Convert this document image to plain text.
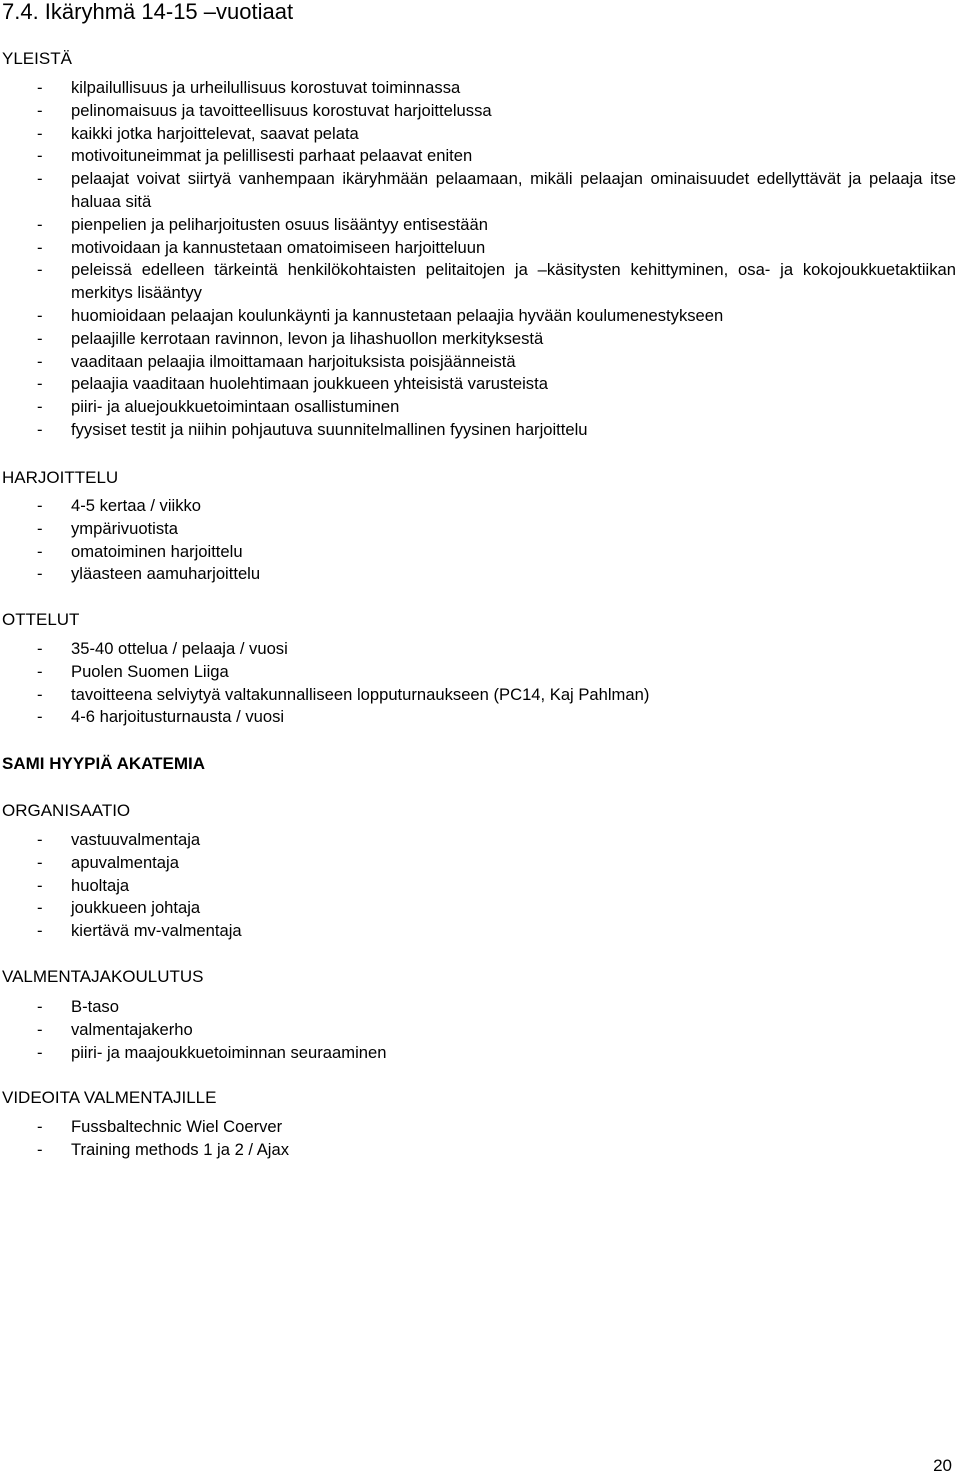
7.4. Ikäryhmä 14-15 –vuotiaat
YLEISTÄ
- kilpailullisuus ja urheilullisuus korostuvat toiminnassa
- pelinomaisuus ja tavoitteellisuus korostuvat harjoittelussa
- kaikki jotka harjoittelevat, saavat pelata
- motivoituneimmat ja pelillisesti parhaat pelaavat eniten
- pelaajat voivat siirtyä vanhempaan ikäryhmään pelaamaan, mikäli pelaajan ominaisuudet edellyttävät ja pelaaja itse haluaa sitä
- pienpelien ja peliharjoitusten osuus lisääntyy entisestään
- motivoidaan ja kannustetaan omatoimiseen harjoitteluun
- peleissä edelleen tärkeintä henkilökohtaisten pelitaitojen ja –käsitysten kehittyminen, osa- ja kokojoukkuetaktiikan merkitys lisääntyy
- huomioidaan pelaajan koulunkäynti ja kannustetaan pelaajia hyvään koulumenestykseen
- pelaajille kerrotaan ravinnon, levon ja lihashuollon merkityksestä
- vaaditaan pelaajia ilmoittamaan harjoituksista poisjäänneistä
- pelaajia vaaditaan huolehtimaan joukkueen yhteisistä varusteista
- piiri- ja aluejoukkuetoimintaan osallistuminen
- fyysiset testit ja niihin pohjautuva suunnitelmallinen fyysinen harjoittelu
HARJOITTELU
- 4-5 kertaa / viikko
- ympärivuotista
- omatoiminen harjoittelu
- yläasteen aamuharjoittelu
OTTELUT
- 35-40 ottelua / pelaaja / vuosi
- Puolen Suomen Liiga
- tavoitteena selviytyä valtakunnalliseen lopputurnaukseen (PC14, Kaj Pahlman)
- 4-6 harjoitusturnausta / vuosi
SAMI HYYPIÄ AKATEMIA
ORGANISAATIO
- vastuuvalmentaja
- apuvalmentaja
- huoltaja
- joukkueen johtaja
- kiertävä mv-valmentaja
VALMENTAJAKOULUTUS
- B-taso
- valmentajakerho
- piiri- ja maajoukkuetoiminnan seuraaminen
VIDEOITA VALMENTAJILLE
- Fussbaltechnic Wiel Coerver
- Training methods 1 ja 2 / Ajax
20
